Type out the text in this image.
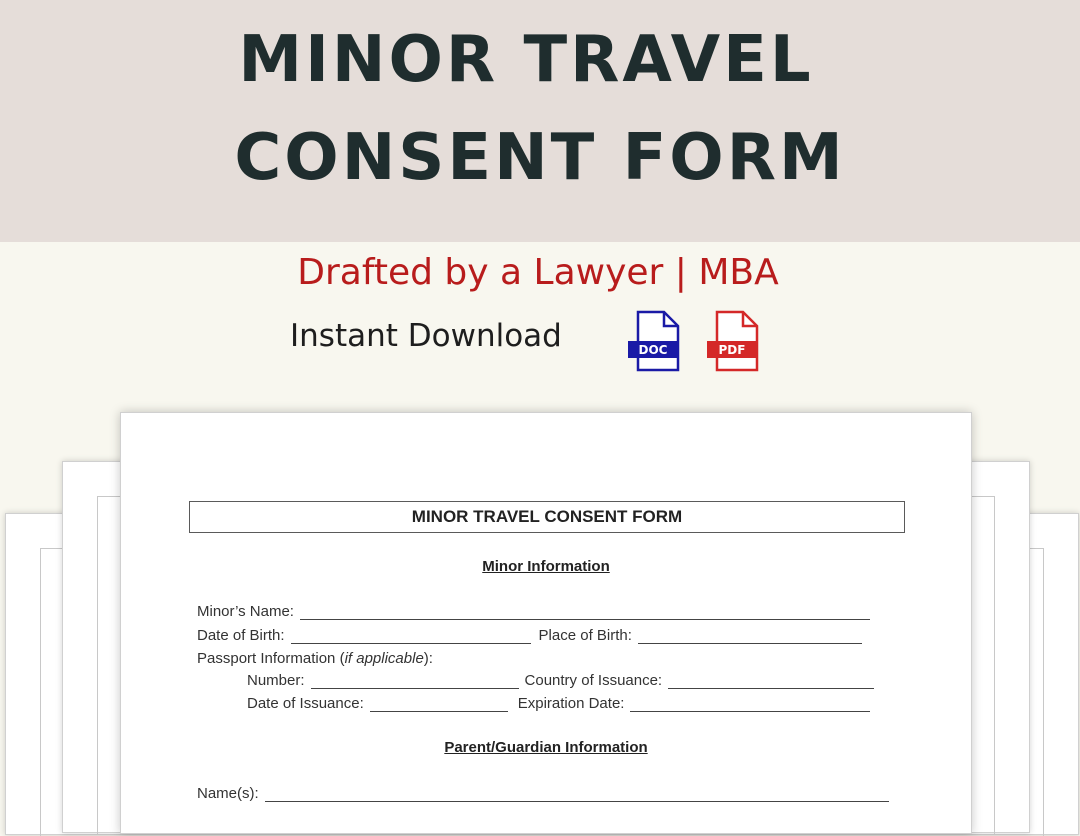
MINOR TRAVEL
CONSENT FORM
Drafted by a Lawyer | MBA
Instant Download	DOC	PDF
MINOR TRAVEL CONSENT FORM
Minor Information
Minor’s Name:
Date of Birth:	Place of Birth:
Passport Information ( if applicable ):
Number:	Country of Issuance:
Date of Issuance:	Expiration Date:
Parent/Guardian Information
Name(s):
